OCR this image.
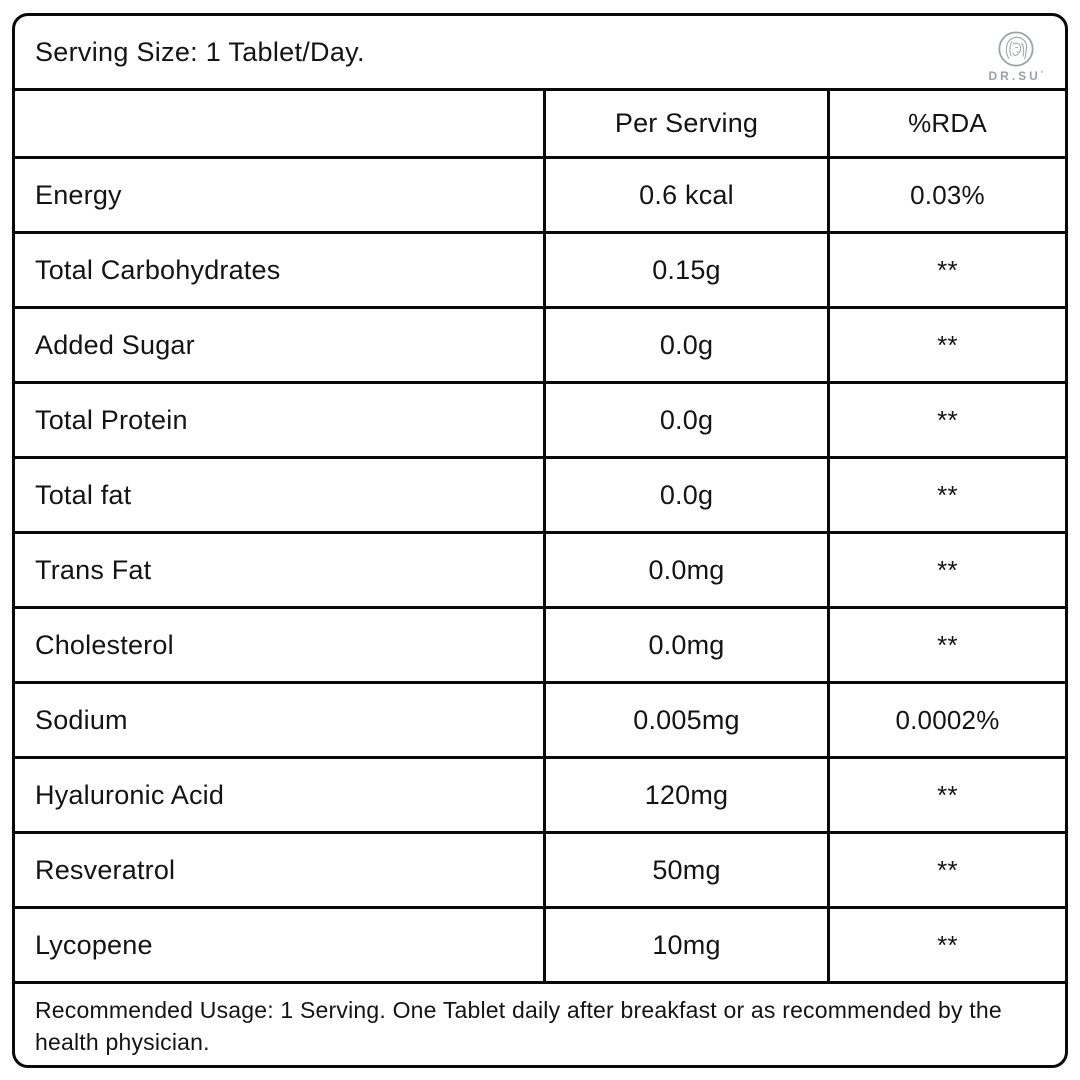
Serving Size: 1 Tablet/Day.
DR.SU'
Per Serving	%RDA
Energy	0.6 kcal	0.03%
Total Carbohydrates	0.15g	**
Added Sugar	0.0g	**
Total Protein	0.0g	**
Total fat	0.0g	**
Trans Fat	0.0mg	**
Cholesterol	0.0mg	**
Sodium	0.005mg	0.0002%
Hyaluronic Acid	120mg	**
Resveratrol	50mg	**
Lycopene	10mg	**
Recommended Usage: 1 Serving. One Tablet daily after breakfast or as recommended by the health physician.
